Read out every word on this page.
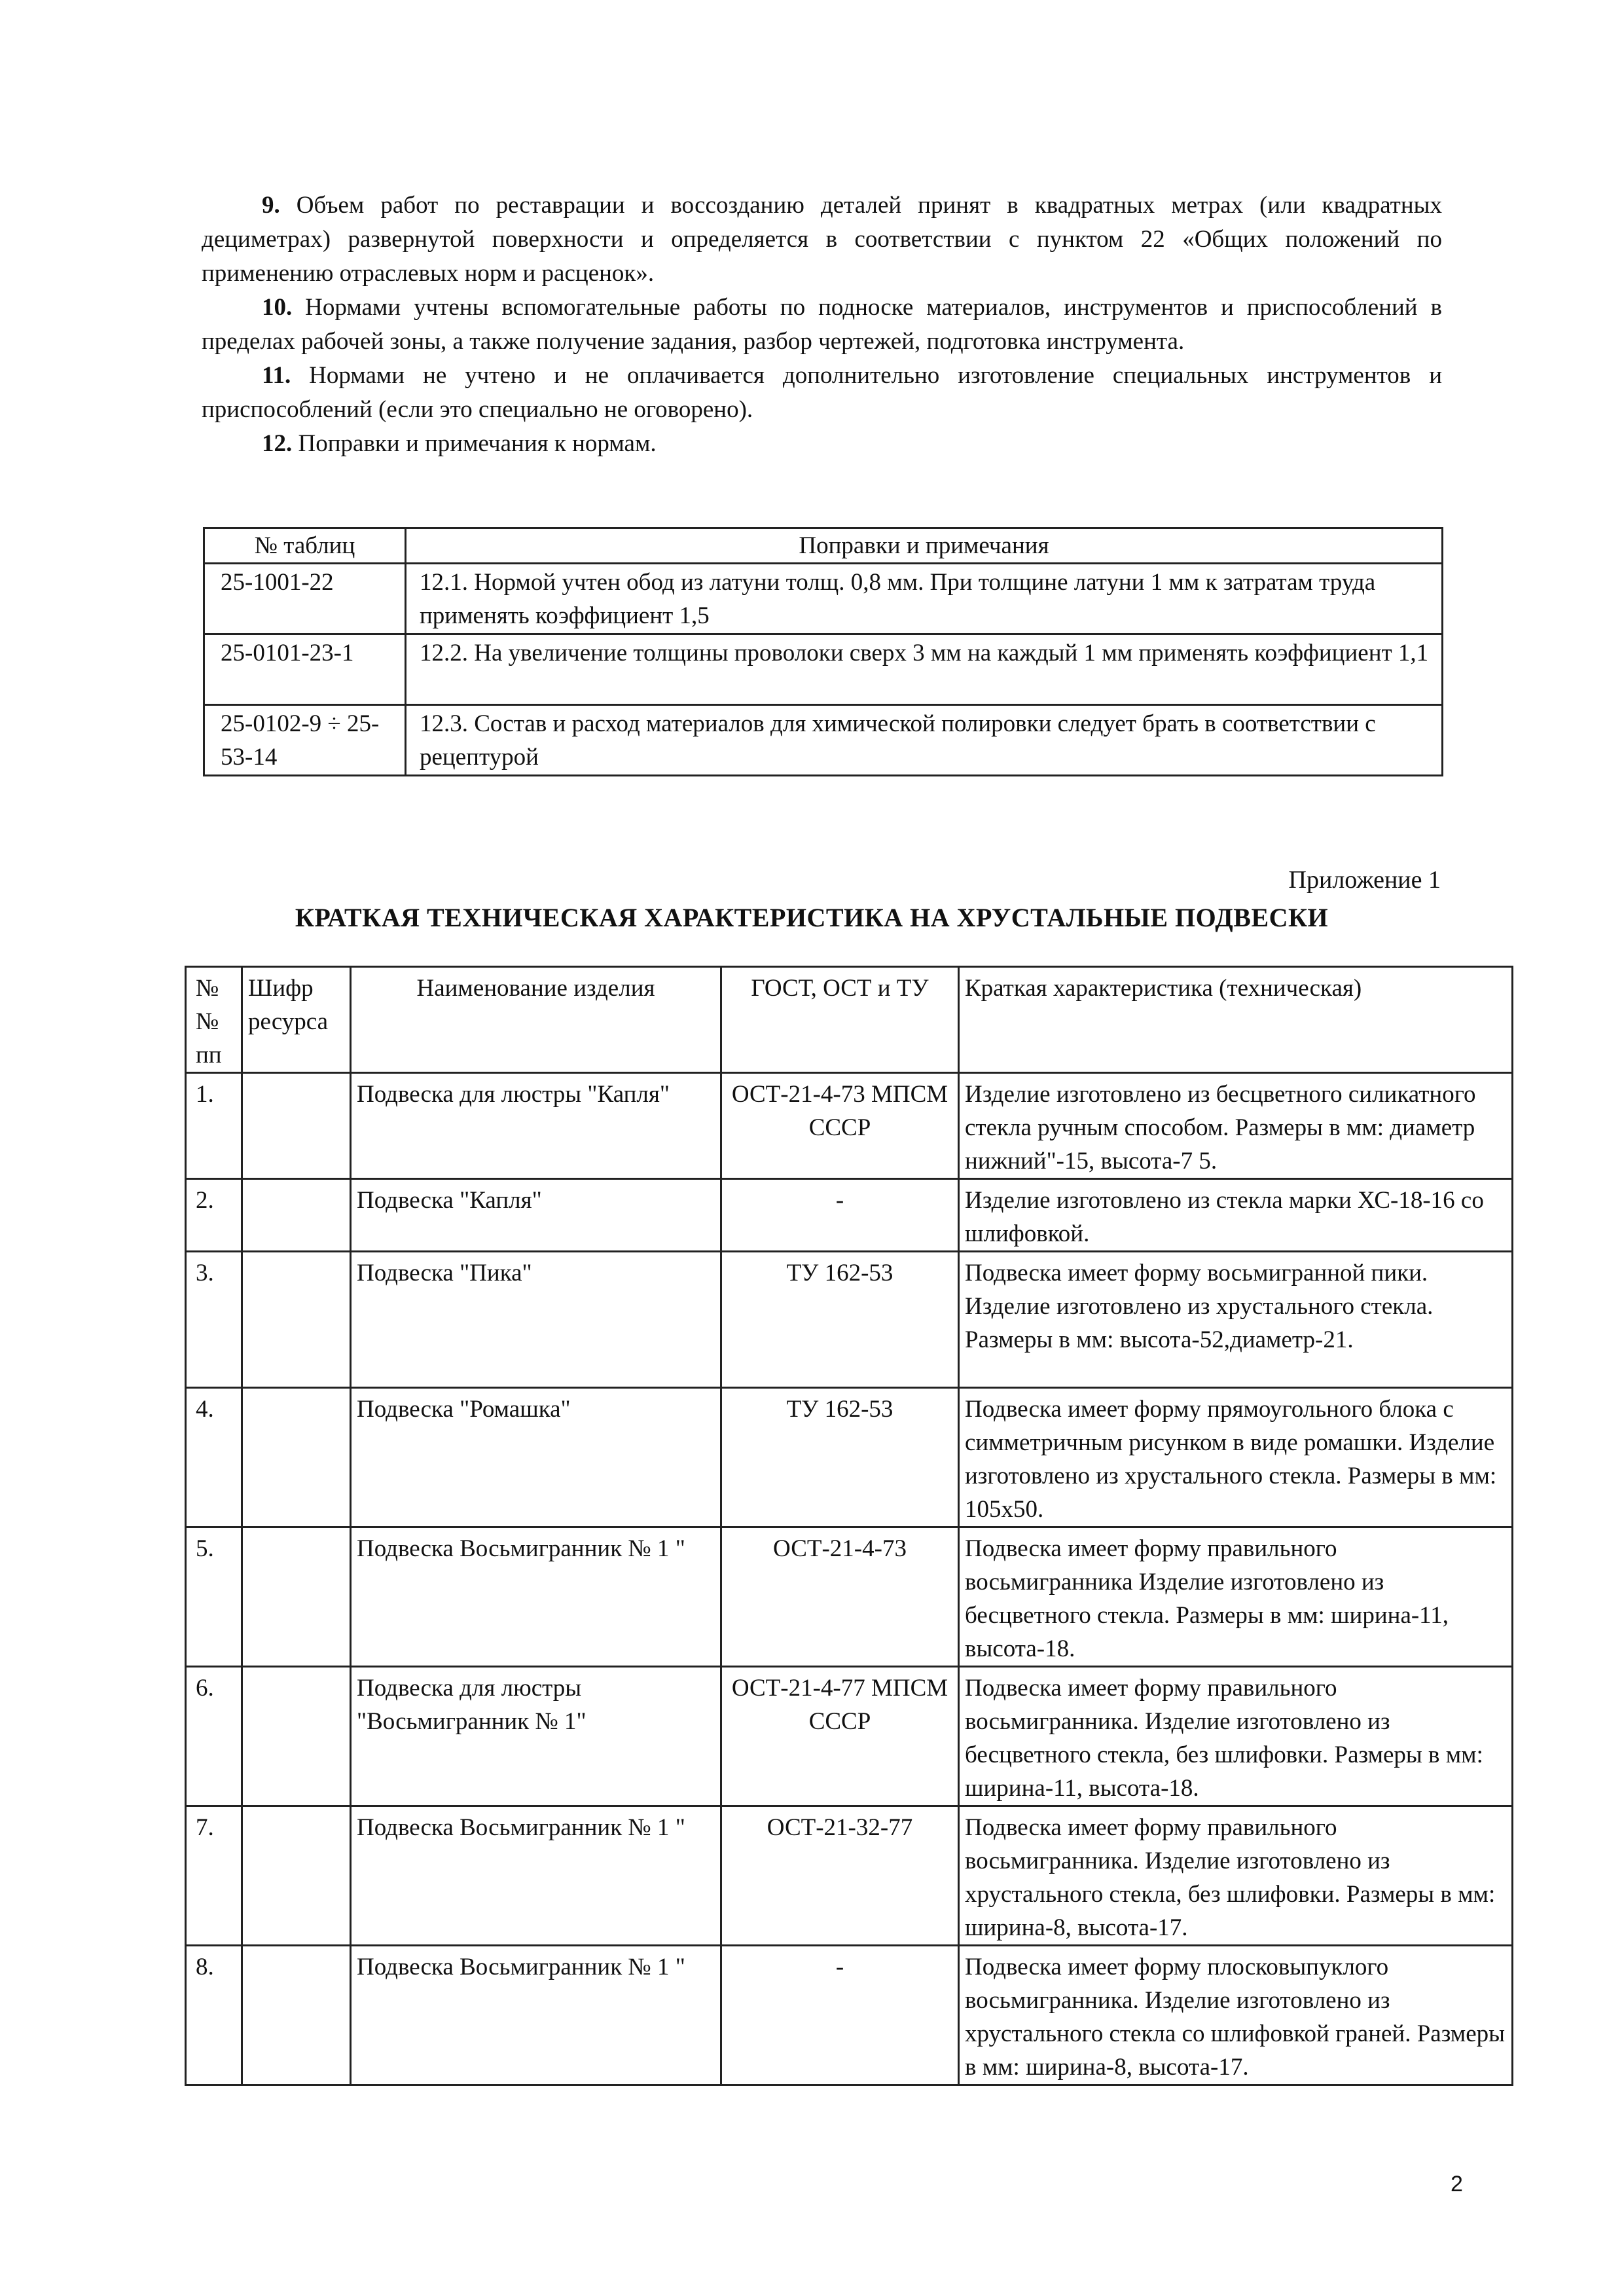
9. Объем работ по реставрации и воссозданию деталей принят в квадратных метрах (или квадратных дециметрах) развернутой поверхности и определяется в соответствии с пунктом 22 «Общих положений по применению отраслевых норм и расценок».

10. Нормами учтены вспомогательные работы по подноске материалов, инструментов и приспособлений в пределах рабочей зоны, а также получение задания, разбор чертежей, подготовка инструмента.

11. Нормами не учтено и не оплачивается дополнительно изготовление специальных инструментов и приспособлений (если это специально не оговорено).

12. Поправки и примечания к нормам.

№ таблиц	Поправки и примечания
25-1001-22	12.1. Нормой учтен обод из латуни толщ. 0,8 мм. При толщине латуни 1 мм к затратам труда применять коэффициент 1,5
25-0101-23-1	12.2. На увеличение толщины проволоки сверх 3 мм на каждый 1 мм применять коэффициент 1,1
25-0102-9 ÷ 25-53-14	12.3. Состав и расход материалов для химической полировки следует брать в соответствии с рецептурой
Приложение 1
КРАТКАЯ ТЕХНИЧЕСКАЯ ХАРАКТЕРИСТИКА НА ХРУСТАЛЬНЫЕ ПОДВЕСКИ
№ № пп	Шифр ресурса	Наименование изделия	ГОСТ, ОСТ и ТУ	Краткая характеристика (техническая)
1.		Подвеска для люстры "Капля"	ОСТ-21-4-73 МПСМ СССР	Изделие изготовлено из бесцветного силикатного стекла ручным способом. Размеры в мм: диаметр нижний"-15, высота-7 5.
2.		Подвеска "Капля"	-	Изделие изготовлено из стекла марки ХС-18-16 со шлифовкой.
3.		Подвеска "Пика"	ТУ 162-53	Подвеска имеет форму восьмигранной пики. Изделие изготовлено из хрустального стекла. Размеры в мм: высота-52,диаметр-21.
4.		Подвеска "Ромашка"	ТУ 162-53	Подвеска имеет форму прямоугольного блока с симметричным рисунком в виде ромашки. Изделие изготовлено из хрустального стекла. Размеры в мм: 105х50.
5.		Подвеска Восьмигранник № 1 "	ОСТ-21-4-73	Подвеска имеет форму правильного восьмигранника Изделие изготовлено из бесцветного стекла. Размеры в мм: ширина-11, высота-18.
6.		Подвеска для люстры "Восьмигранник № 1"	ОСТ-21-4-77 МПСМ СССР	Подвеска имеет форму правильного восьмигранника. Изделие изготовлено из бесцветного стекла, без шлифовки. Размеры в мм: ширина-11, высота-18.
7.		Подвеска Восьмигранник № 1 "	ОСТ-21-32-77	Подвеска имеет форму правильного восьмигранника. Изделие изготовлено из хрустального стекла, без шлифовки. Размеры в мм: ширина-8, высота-17.
8.		Подвеска Восьмигранник № 1 "	-	Подвеска имеет форму плосковыпуклого восьмигранника. Изделие изготовлено из хрустального стекла со шлифовкой граней. Размеры в мм: ширина-8, высота-17.
2
